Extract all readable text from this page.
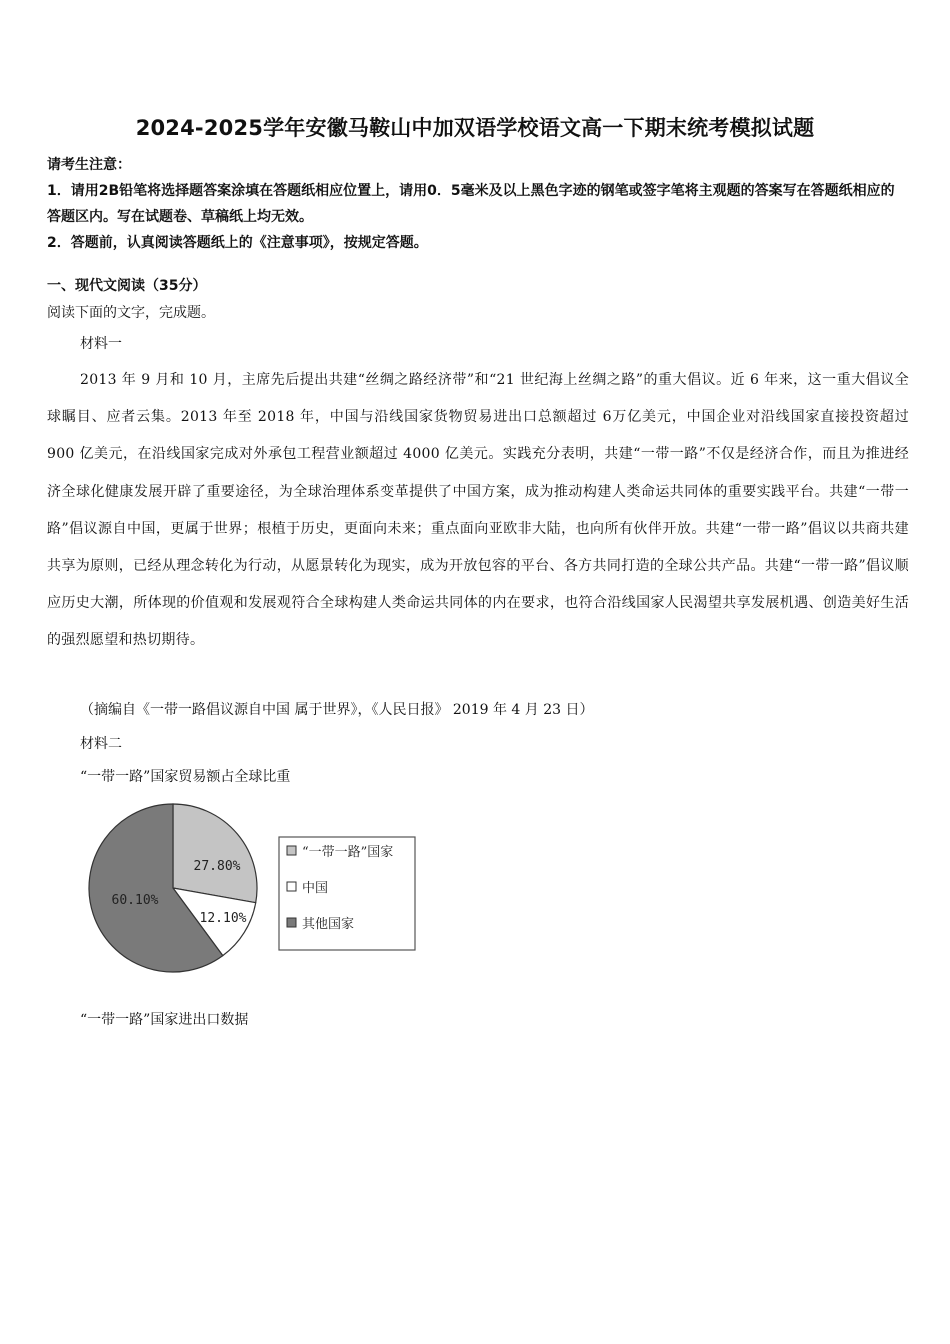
2024-2025学年安徽马鞍山中加双语学校语文高一下期末统考模拟试题

请考生注意：

1．请用2B铅笔将选择题答案涂填在答题纸相应位置上，请用0．5毫米及以上黑色字迹的钢笔或签字笔将主观题的答案写在答题纸相应的答题区内。写在试题卷、草稿纸上均无效。

2．答题前，认真阅读答题纸上的《注意事项》，按规定答题。

一、现代文阅读（35分）
阅读下面的文字，完成题。
材料一

2013 年 9 月和 10 月，主席先后提出共建“丝绸之路经济带”和“21 世纪海上丝绸之路”的重大倡议。近 6 年来，这一重大倡议全球瞩目、应者云集。2013 年至 2018 年，中国与沿线国家货物贸易进出口总额超过 6万亿美元，中国企业对沿线国家直接投资超过 900 亿美元，在沿线国家完成对外承包工程营业额超过 4000 亿美元。实践充分表明，共建“一带一路”不仅是经济合作，而且为推进经济全球化健康发展开辟了重要途径，为全球治理体系变革提供了中国方案，成为推动构建人类命运共同体的重要实践平台。共建“一带一路”倡议源自中国，更属于世界；根植于历史，更面向未来；重点面向亚欧非大陆，也向所有伙伴开放。共建“一带一路”倡议以共商共建共享为原则，已经从理念转化为行动，从愿景转化为现实，成为开放包容的平台、各方共同打造的全球公共产品。共建“一带一路”倡议顺应历史大潮，所体现的价值观和发展观符合全球构建人类命运共同体的内在要求，也符合沿线国家人民渴望共享发展机遇、创造美好生活的强烈愿望和热切期待。

（摘编自《一带一路倡议源自中国 属于世界》，《人民日报》 2019 年 4 月 23 日）
材料二
“一带一路”国家贸易额占全球比重
27.80%
12.10%
60.10%
“一带一路”国家
中国
其他国家
“一带一路”国家进出口数据
